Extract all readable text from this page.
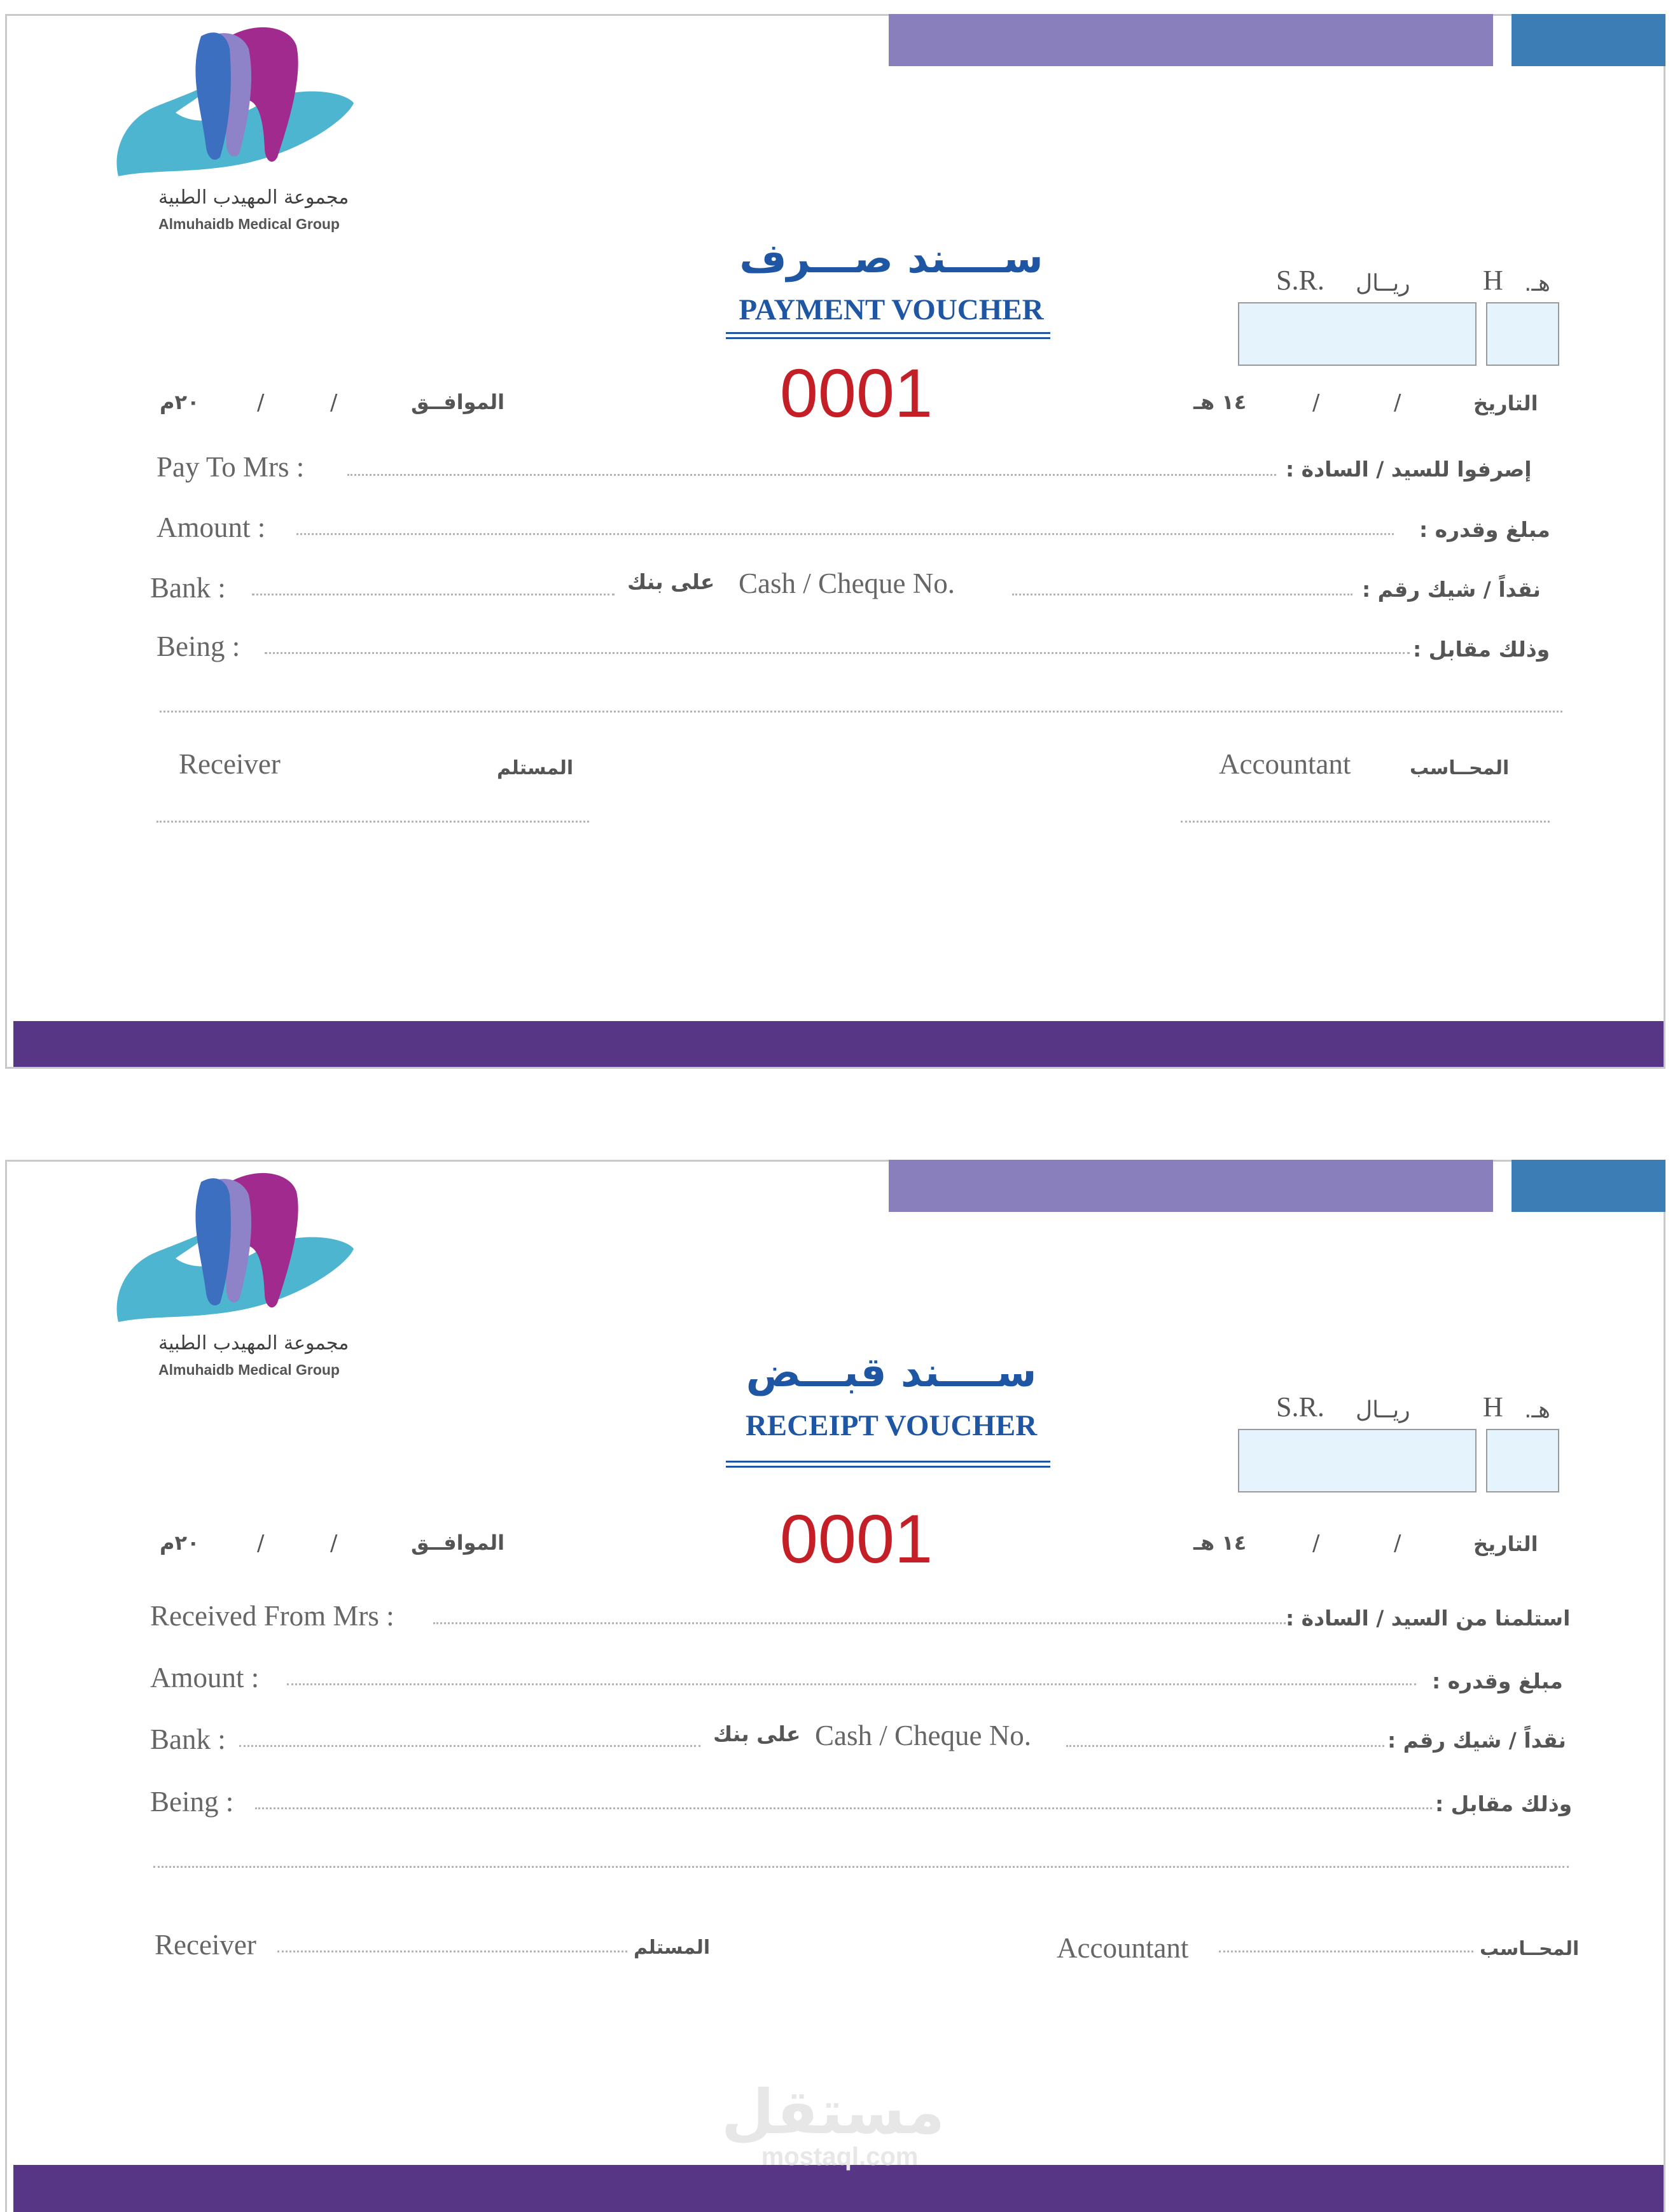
مجموعة المهيدب الطبية
Almuhaidb Medical Group
ســــند صـــرف
PAYMENT VOUCHER
0001
S.R. ريــال	H هـ.
٢٠م	/	/	الموافــق	١٤ هـ	/	/	التاريخ
Pay To Mrs :	إصرفوا للسيد / السادة :
Amount :	مبلغ وقدره :
Bank :	على بنك Cash / Cheque No.	نقداً / شيك رقم :
Being :	وذلك مقابل :
Receiver	المستلم	Accountant	المحــاسب
مجموعة المهيدب الطبية
Almuhaidb Medical Group	ســــند قبـــض
RECEIPT VOUCHER
0001
S.R. ريــال	H هـ.
٢٠م	/	/	الموافــق	١٤ هـ	/	/	التاريخ
Received From Mrs :	استلمنا من السيد / السادة :
Amount :	مبلغ وقدره :
Bank :	على بنك Cash / Cheque No.	نقداً / شيك رقم :
Being :	وذلك مقابل :
Receiver	المستلم	Accountant	المحــاسب
مستقل
mostaql.com
